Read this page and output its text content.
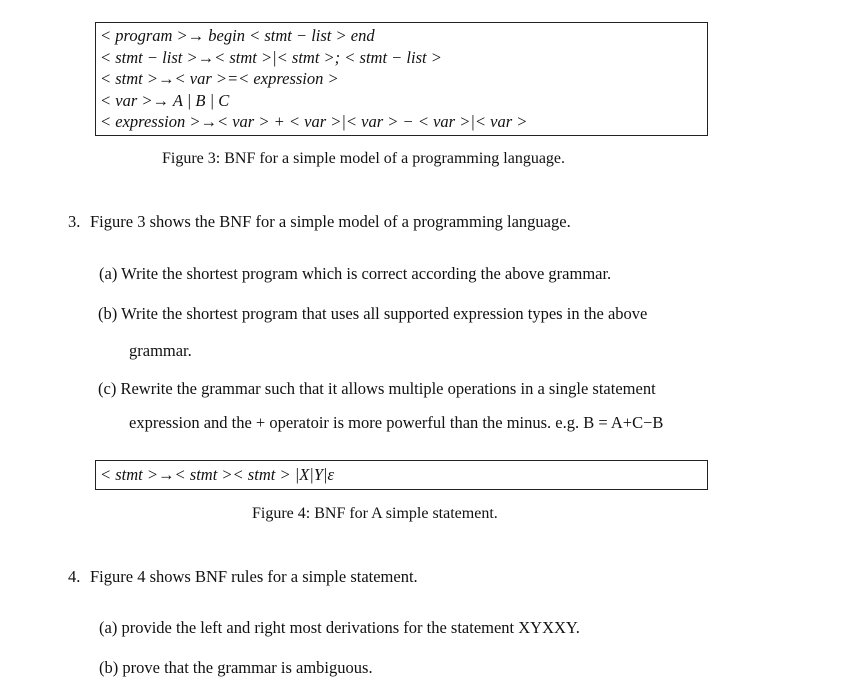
< program >→ begin < stmt − list > end
< stmt − list >→< stmt >|< stmt >; < stmt − list >
< stmt >→< var >=< expression >
< var >→ A | B | C
< expression >→< var > + < var >|< var > − < var >|< var >
Figure 3: BNF for a simple model of a programming language.
3. Figure 3 shows the BNF for a simple model of a programming language.
(a) Write the shortest program which is correct according the above grammar.
(b) Write the shortest program that uses all supported expression types in the above
grammar.
(c) Rewrite the grammar such that it allows multiple operations in a single statement
expression and the + operatoir is more powerful than the minus. e.g. B = A+C−B
< stmt >→< stmt >< stmt > |X|Y|ε
Figure 4: BNF for A simple statement.
4. Figure 4 shows BNF rules for a simple statement.
(a) provide the left and right most derivations for the statement XYXXY.
(b) prove that the grammar is ambiguous.
